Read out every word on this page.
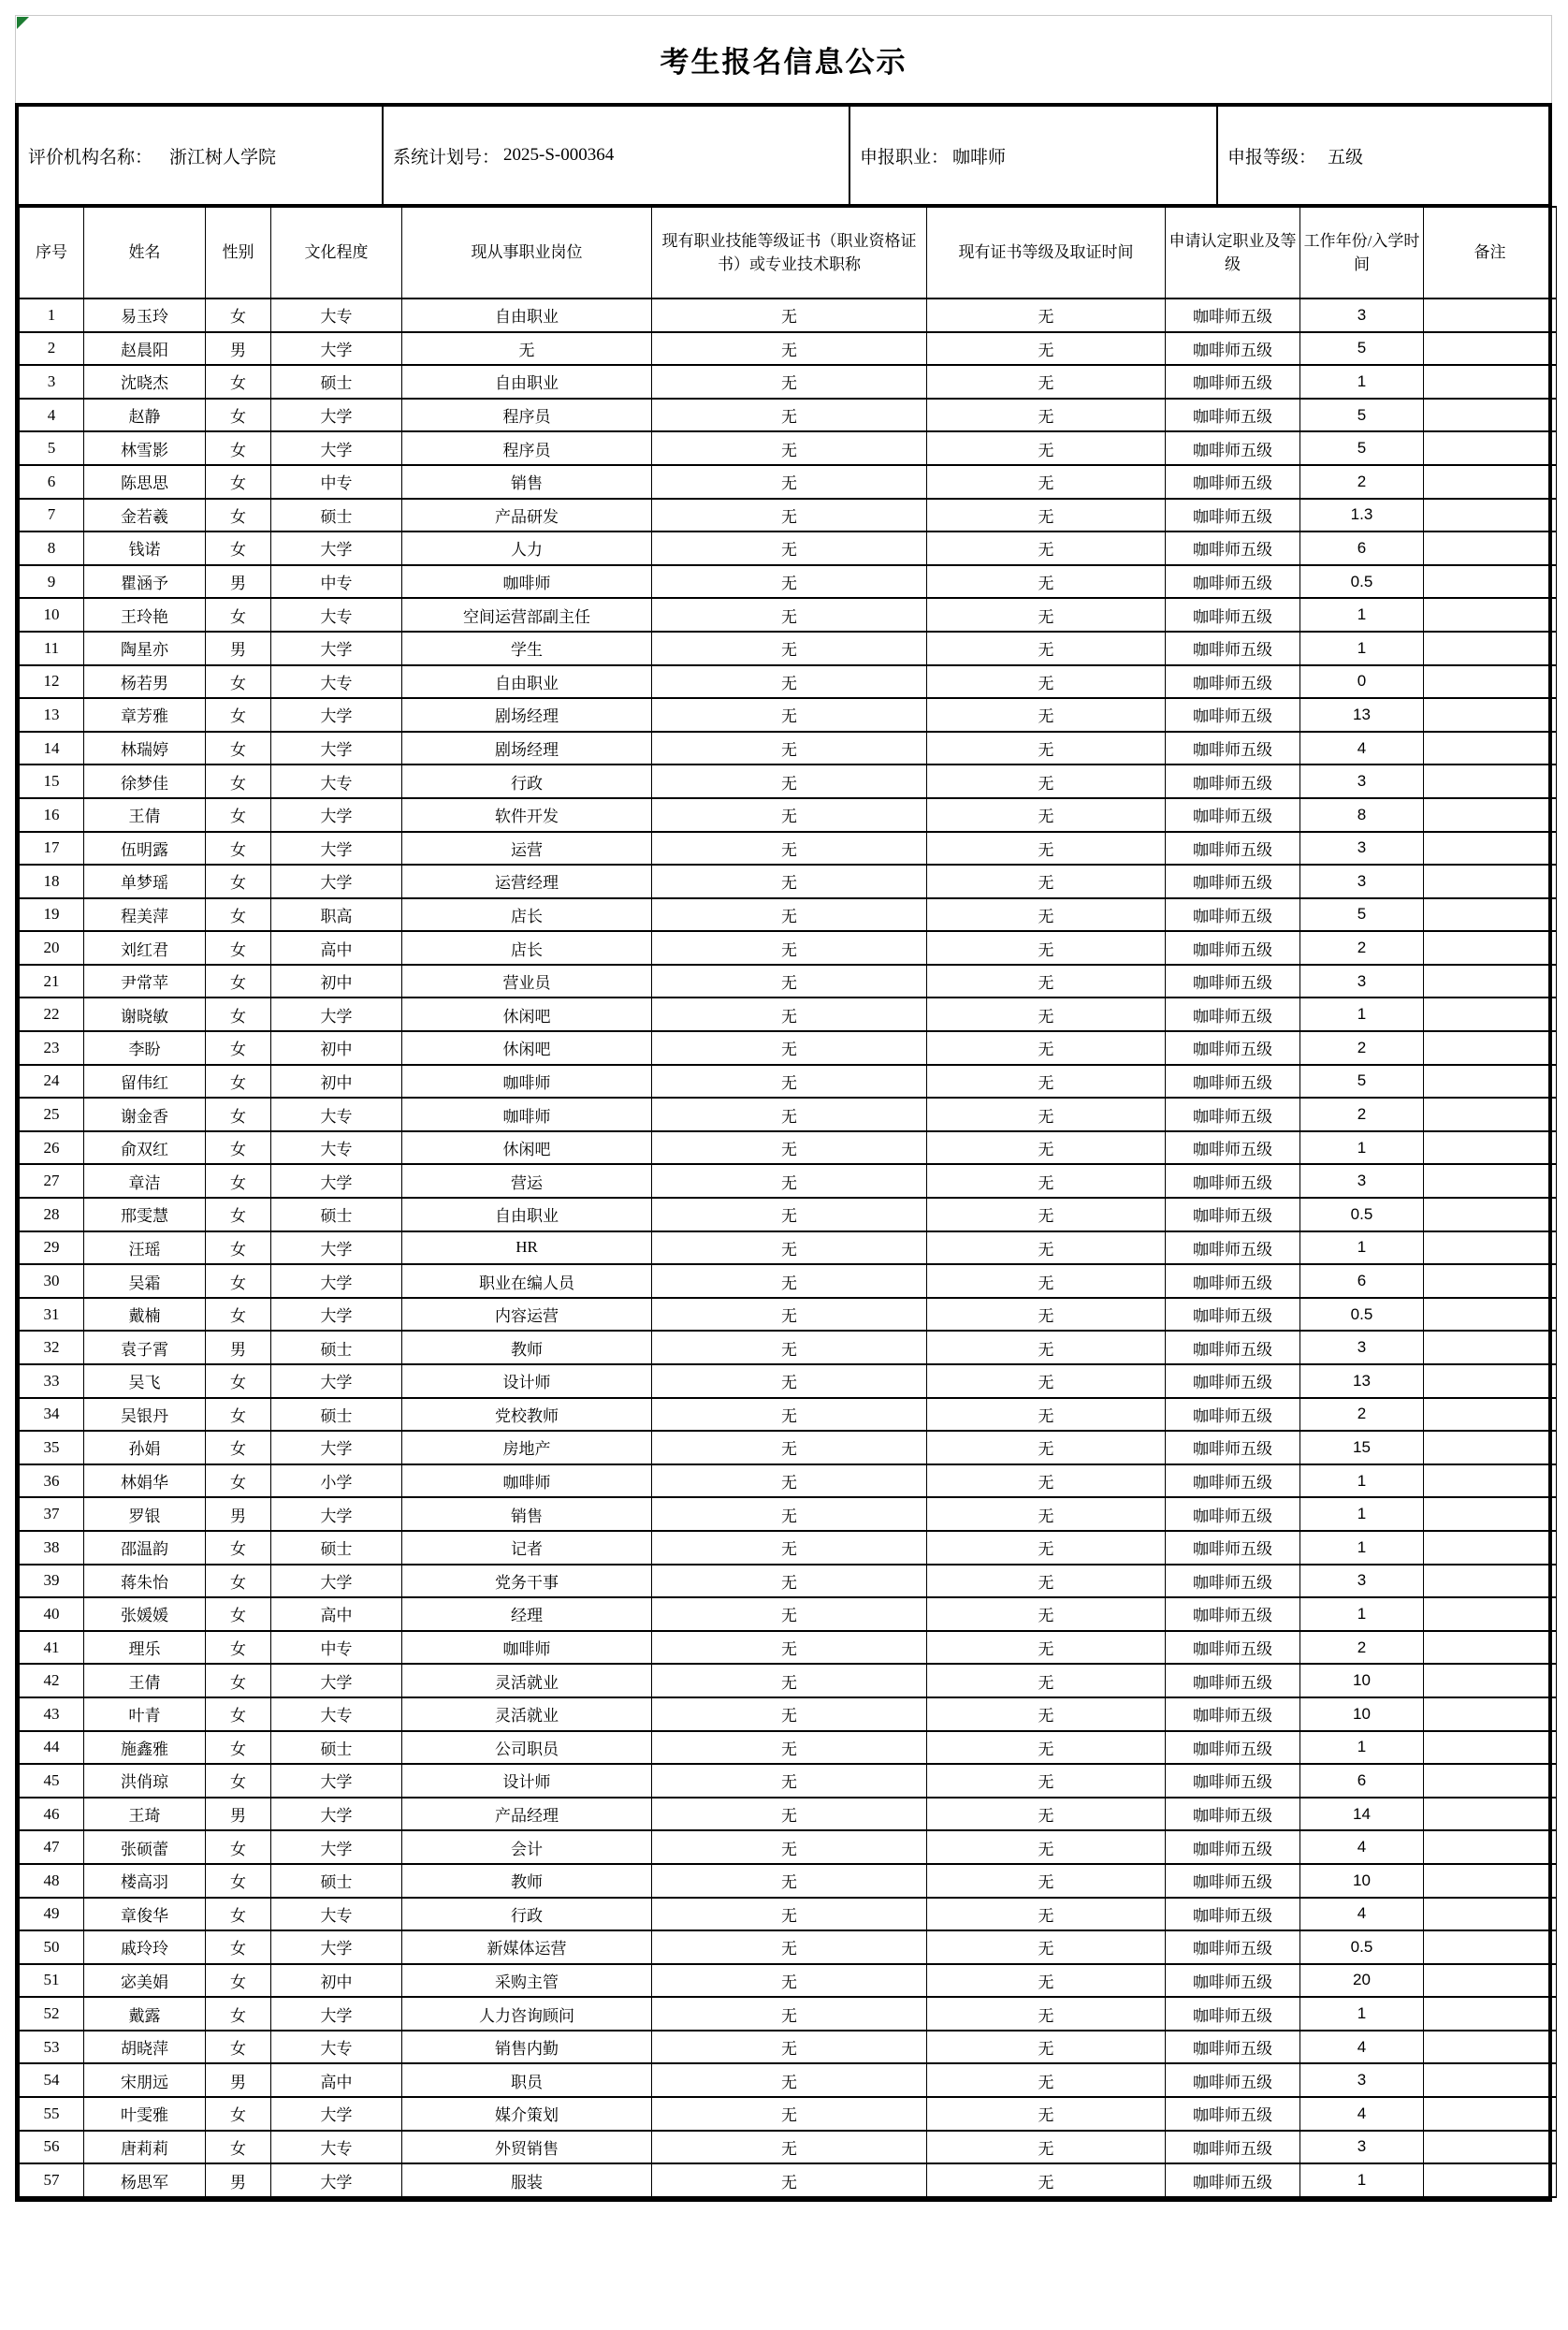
考生报名信息公示
评价机构名称： 浙江树人学院	系统计划号： 2025-S-000364	申报职业： 咖啡师	申报等级： 五级
序号	姓名	性别	文化程度	现从事职业岗位	现有职业技能等级证书（职业资格证书）或专业技术职称	现有证书等级及取证时间	申请认定职业及等级	工作年份/入学时间	备注
1	易玉玲	女	大专	自由职业	无	无	咖啡师五级	3	
2	赵晨阳	男	大学	无	无	无	咖啡师五级	5	
3	沈晓杰	女	硕士	自由职业	无	无	咖啡师五级	1	
4	赵静	女	大学	程序员	无	无	咖啡师五级	5	
5	林雪影	女	大学	程序员	无	无	咖啡师五级	5	
6	陈思思	女	中专	销售	无	无	咖啡师五级	2	
7	金若羲	女	硕士	产品研发	无	无	咖啡师五级	1.3	
8	钱诺	女	大学	人力	无	无	咖啡师五级	6	
9	瞿涵予	男	中专	咖啡师	无	无	咖啡师五级	0.5	
10	王玲艳	女	大专	空间运营部副主任	无	无	咖啡师五级	1	
11	陶星亦	男	大学	学生	无	无	咖啡师五级	1	
12	杨若男	女	大专	自由职业	无	无	咖啡师五级	0	
13	章芳雅	女	大学	剧场经理	无	无	咖啡师五级	13	
14	林瑞婷	女	大学	剧场经理	无	无	咖啡师五级	4	
15	徐梦佳	女	大专	行政	无	无	咖啡师五级	3	
16	王倩	女	大学	软件开发	无	无	咖啡师五级	8	
17	伍明露	女	大学	运营	无	无	咖啡师五级	3	
18	单梦瑶	女	大学	运营经理	无	无	咖啡师五级	3	
19	程美萍	女	职高	店长	无	无	咖啡师五级	5	
20	刘红君	女	高中	店长	无	无	咖啡师五级	2	
21	尹常苹	女	初中	营业员	无	无	咖啡师五级	3	
22	谢晓敏	女	大学	休闲吧	无	无	咖啡师五级	1	
23	李盼	女	初中	休闲吧	无	无	咖啡师五级	2	
24	留伟红	女	初中	咖啡师	无	无	咖啡师五级	5	
25	谢金香	女	大专	咖啡师	无	无	咖啡师五级	2	
26	俞双红	女	大专	休闲吧	无	无	咖啡师五级	1	
27	章洁	女	大学	营运	无	无	咖啡师五级	3	
28	邢雯慧	女	硕士	自由职业	无	无	咖啡师五级	0.5	
29	汪瑶	女	大学	HR	无	无	咖啡师五级	1	
30	吴霜	女	大学	职业在编人员	无	无	咖啡师五级	6	
31	戴楠	女	大学	内容运营	无	无	咖啡师五级	0.5	
32	袁子霄	男	硕士	教师	无	无	咖啡师五级	3	
33	吴飞	女	大学	设计师	无	无	咖啡师五级	13	
34	吴银丹	女	硕士	党校教师	无	无	咖啡师五级	2	
35	孙娟	女	大学	房地产	无	无	咖啡师五级	15	
36	林娟华	女	小学	咖啡师	无	无	咖啡师五级	1	
37	罗银	男	大学	销售	无	无	咖啡师五级	1	
38	邵温韵	女	硕士	记者	无	无	咖啡师五级	1	
39	蒋朱怡	女	大学	党务干事	无	无	咖啡师五级	3	
40	张媛媛	女	高中	经理	无	无	咖啡师五级	1	
41	理乐	女	中专	咖啡师	无	无	咖啡师五级	2	
42	王倩	女	大学	灵活就业	无	无	咖啡师五级	10	
43	叶青	女	大专	灵活就业	无	无	咖啡师五级	10	
44	施鑫雅	女	硕士	公司职员	无	无	咖啡师五级	1	
45	洪俏琼	女	大学	设计师	无	无	咖啡师五级	6	
46	王琦	男	大学	产品经理	无	无	咖啡师五级	14	
47	张硕蕾	女	大学	会计	无	无	咖啡师五级	4	
48	楼高羽	女	硕士	教师	无	无	咖啡师五级	10	
49	章俊华	女	大专	行政	无	无	咖啡师五级	4	
50	戚玲玲	女	大学	新媒体运营	无	无	咖啡师五级	0.5	
51	宓美娟	女	初中	采购主管	无	无	咖啡师五级	20	
52	戴露	女	大学	人力咨询顾问	无	无	咖啡师五级	1	
53	胡晓萍	女	大专	销售内勤	无	无	咖啡师五级	4	
54	宋朋远	男	高中	职员	无	无	咖啡师五级	3	
55	叶雯雅	女	大学	媒介策划	无	无	咖啡师五级	4	
56	唐莉莉	女	大专	外贸销售	无	无	咖啡师五级	3	
57	杨思军	男	大学	服装	无	无	咖啡师五级	1	
